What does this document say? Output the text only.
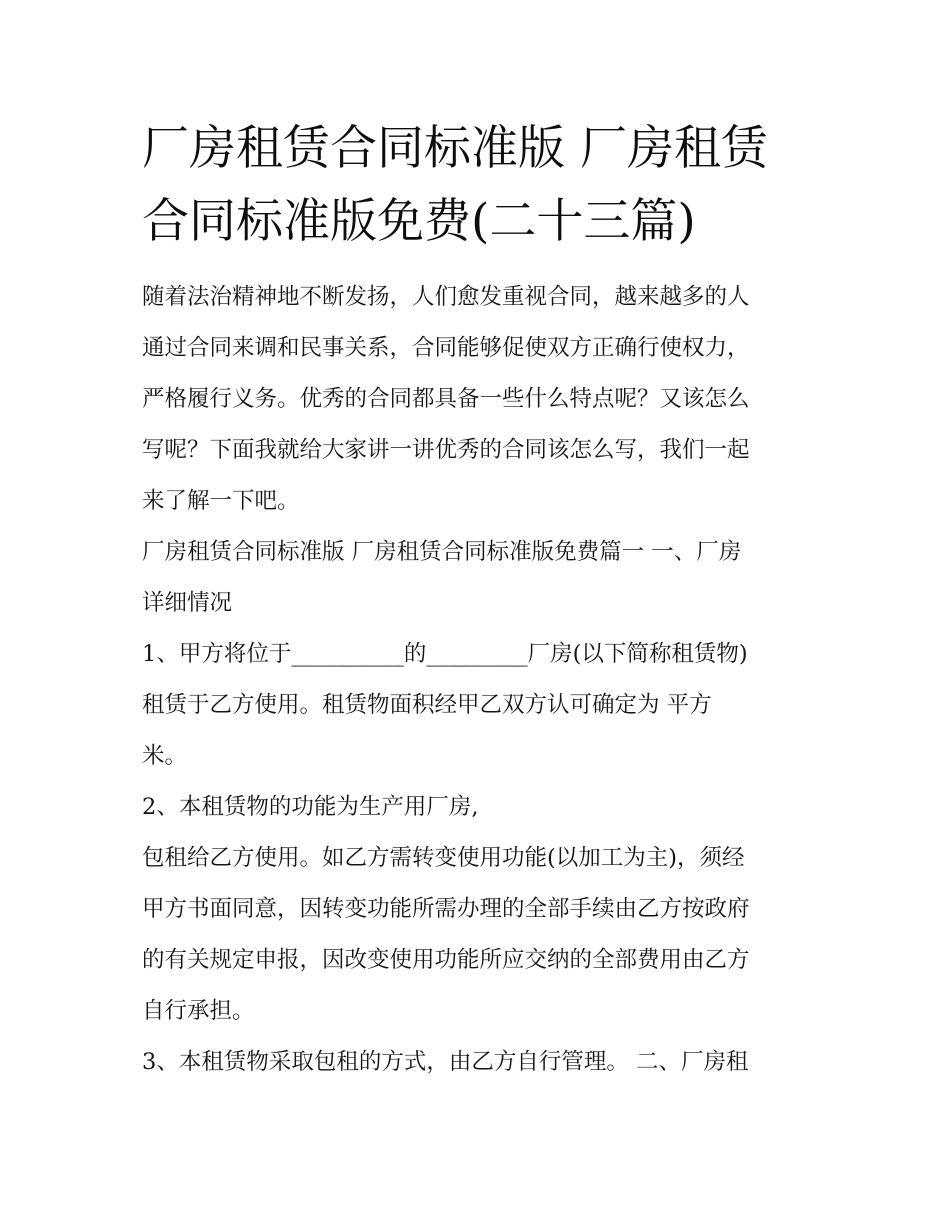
厂房租赁合同标准版 厂房租赁
合同标准版免费(二十三篇)

随着法治精神地不断发扬，人们愈发重视合同，越来越多的人
通过合同来调和民事关系，合同能够促使双方正确行使权力，
严格履行义务。优秀的合同都具备一些什么特点呢？又该怎么
写呢？下面我就给大家讲一讲优秀的合同该怎么写，我们一起
来了解一下吧。

厂房租赁合同标准版 厂房租赁合同标准版免费篇一 一、厂房
详细情况

1、甲方将位于__________的_________厂房(以下简称租赁物)
租赁于乙方使用。租赁物面积经甲乙双方认可确定为 平方
米。

2、本租赁物的功能为生产用厂房,

包租给乙方使用。如乙方需转变使用功能(以加工为主)，须经
甲方书面同意，因转变功能所需办理的全部手续由乙方按政府
的有关规定申报，因改变使用功能所应交纳的全部费用由乙方
自行承担。

3、本租赁物采取包租的方式，由乙方自行管理。 二、厂房租
